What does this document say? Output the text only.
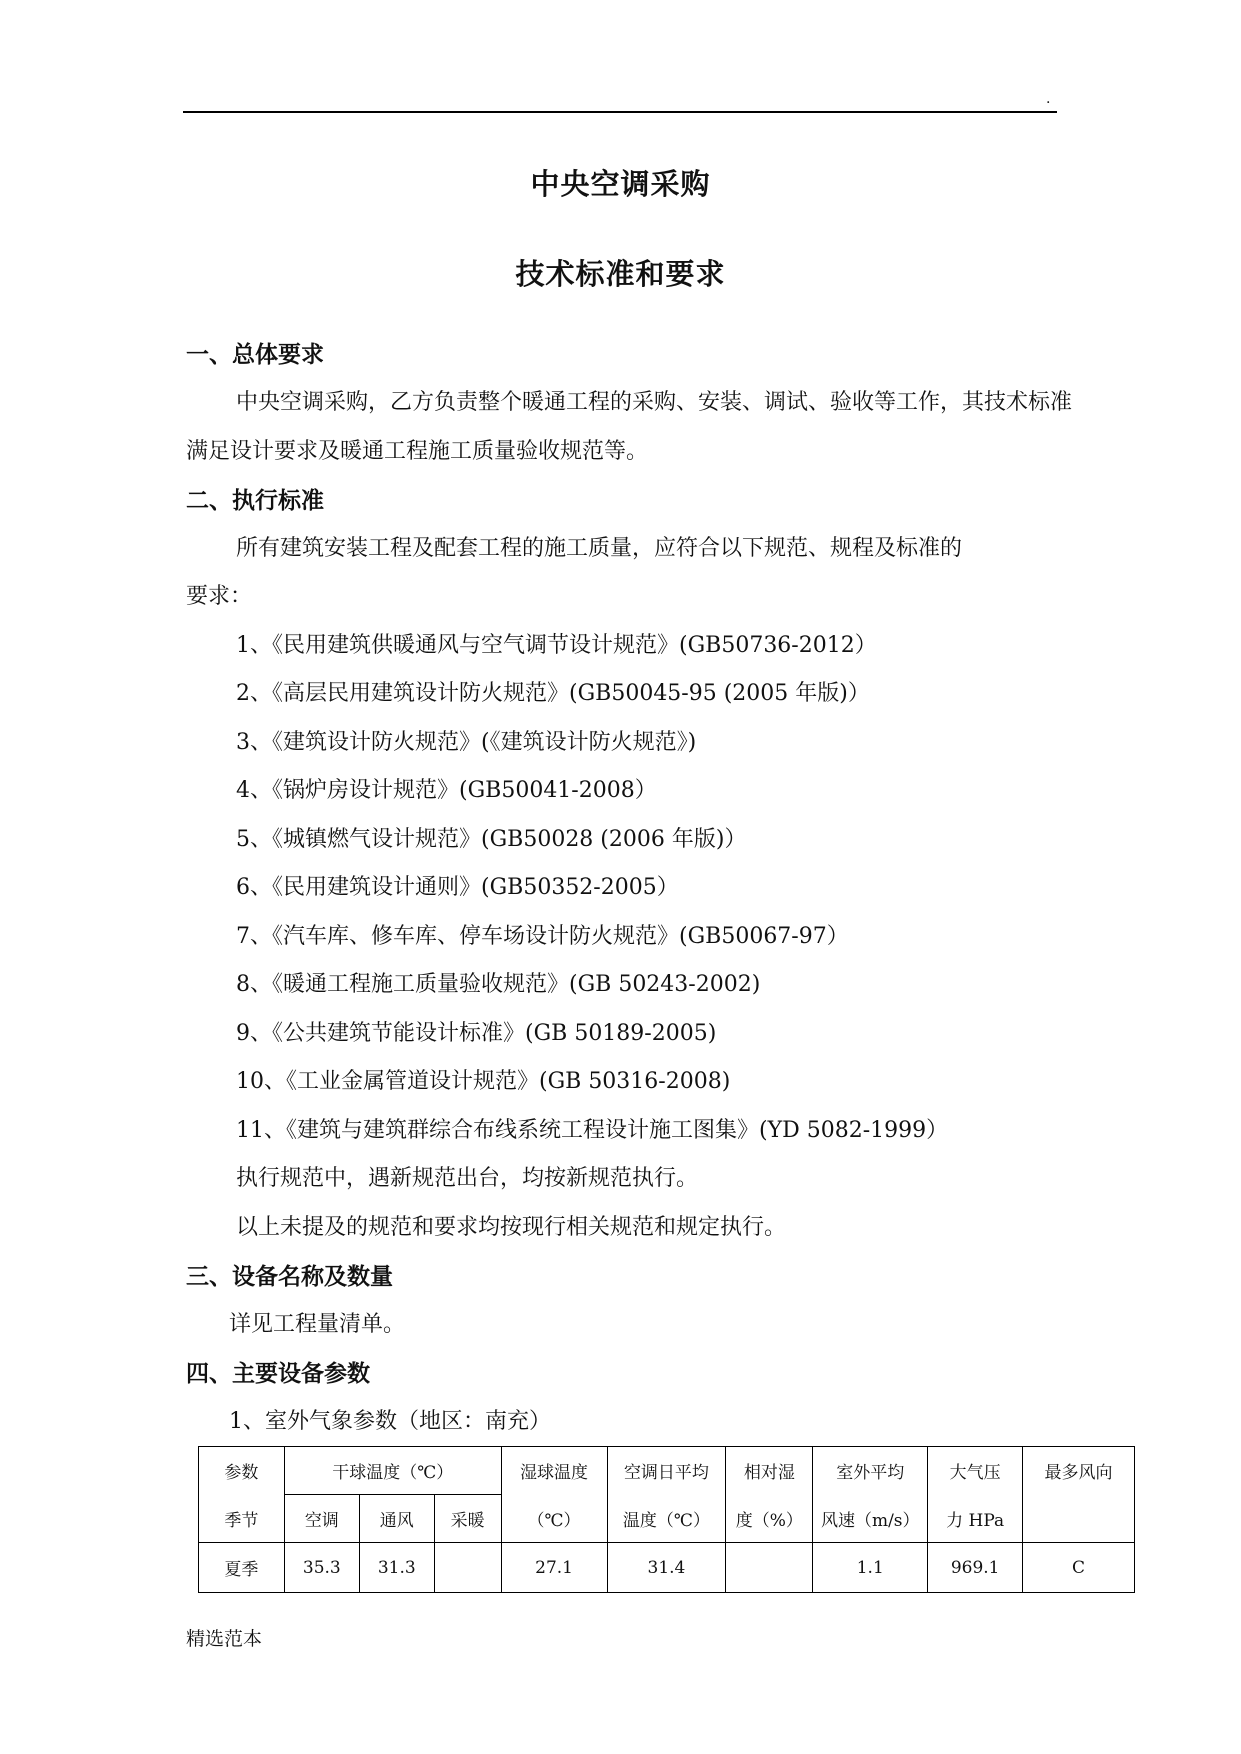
.
中央空调采购
技术标准和要求
一、总体要求
中央空调采购，乙方负责整个暖通工程的采购、安装、调试、验收等工作，其技术标准
满足设计要求及暖通工程施工质量验收规范等。
二、执行标准
所有建筑安装工程及配套工程的施工质量，应符合以下规范、规程及标准的
要求：
1、《民用建筑供暖通风与空气调节设计规范》(GB50736-2012）
2、《高层民用建筑设计防火规范》(GB50045-95 (2005 年版)）
3、《建筑设计防火规范》(《建筑设计防火规范》)
4、《锅炉房设计规范》(GB50041-2008）
5、《城镇燃气设计规范》(GB50028 (2006 年版)）
6、《民用建筑设计通则》(GB50352-2005）
7、《汽车库、修车库、停车场设计防火规范》(GB50067-97）
8、《暖通工程施工质量验收规范》(GB 50243-2002)
9、《公共建筑节能设计标准》(GB 50189-2005)
10、《工业金属管道设计规范》(GB 50316-2008)
11、《建筑与建筑群综合布线系统工程设计施工图集》(YD 5082-1999）
执行规范中，遇新规范出台，均按新规范执行。
以上未提及的规范和要求均按现行相关规范和规定执行。
三、设备名称及数量
详见工程量清单。
四、主要设备参数
1、室外气象参数（地区：南充）
参数	干球温度（℃）			湿球温度	空调日平均	相对湿	室外平均	大气压	最多风向
季节	空调	通风	采暖	（℃）	温度（℃）	度（%）	风速（m/s）	力 HPa	
夏季	35.3	31.3		27.1	31.4		1.1	969.1	C
精选范本
